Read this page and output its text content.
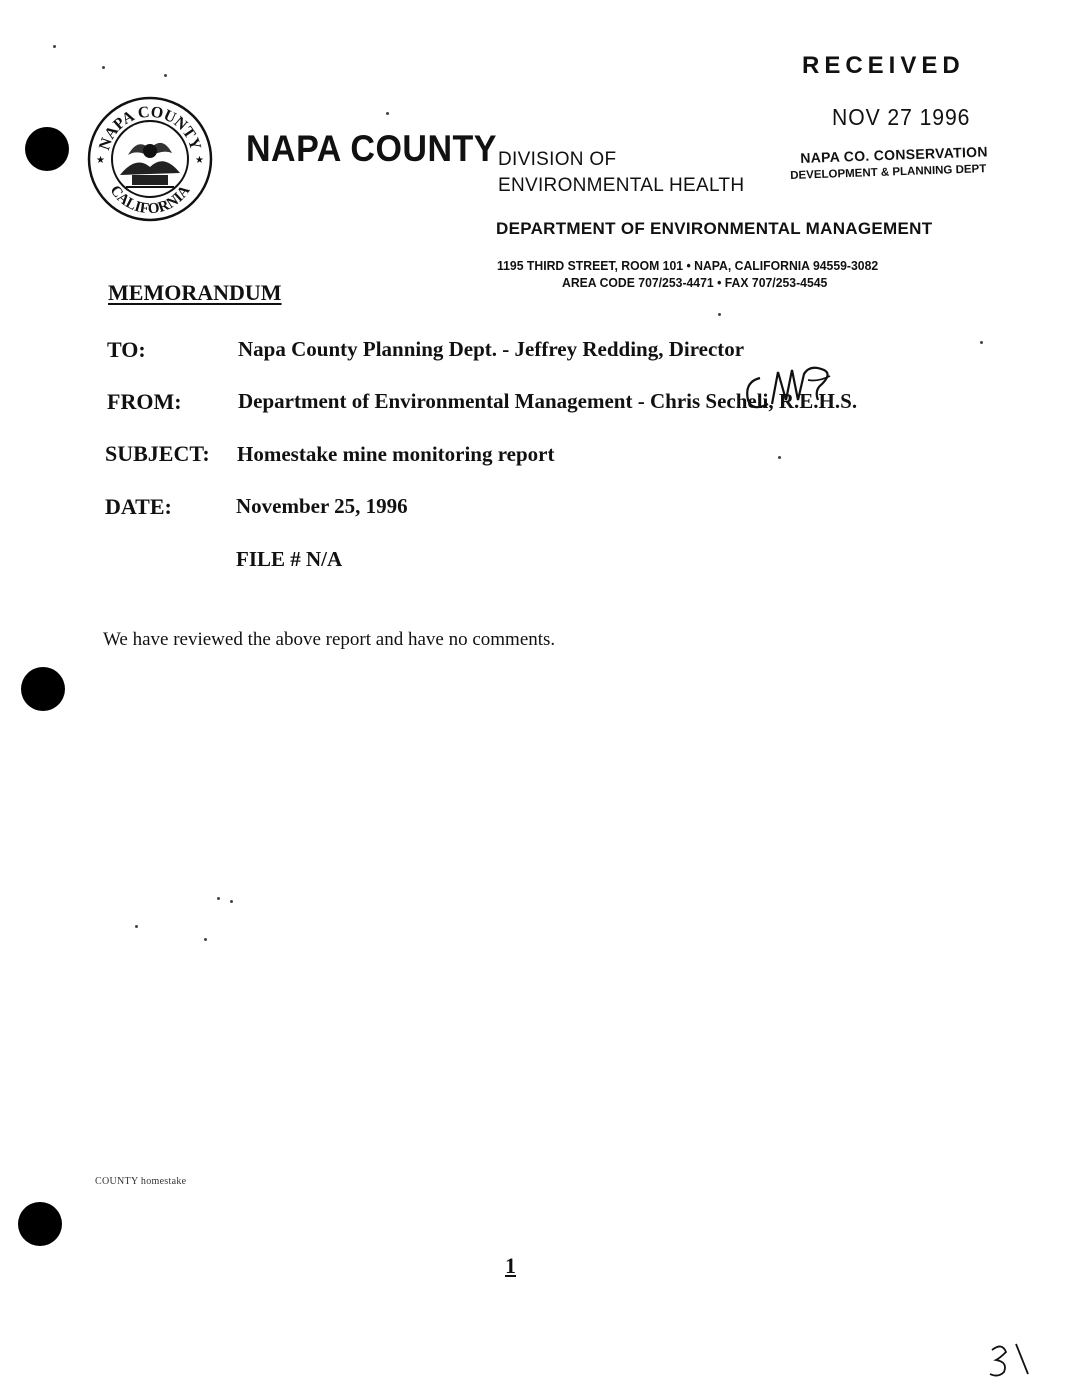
NAPA COUNTY
CALIFORNIA
★	★ NAPA COUNTY DIVISION OF
ENVIRONMENTAL HEALTH
RECEIVED
NOV 27 1996
NAPA CO. CONSERVATION
DEVELOPMENT & PLANNING DEPT
DEPARTMENT OF ENVIRONMENTAL MANAGEMENT
1195 THIRD STREET, ROOM 101 • NAPA, CALIFORNIA 94559-3082
AREA CODE 707/253-4471 • FAX 707/253-4545
MEMORANDUM
TO:	Napa County Planning Dept. - Jeffrey Redding, Director
FROM:	Department of Environmental Management - Chris Secheli, R.E.H.S.
SUBJECT: Homestake mine monitoring report
DATE:	November 25, 1996
FILE # N/A
We have reviewed the above report and have no comments.
COUNTY homestake
1
